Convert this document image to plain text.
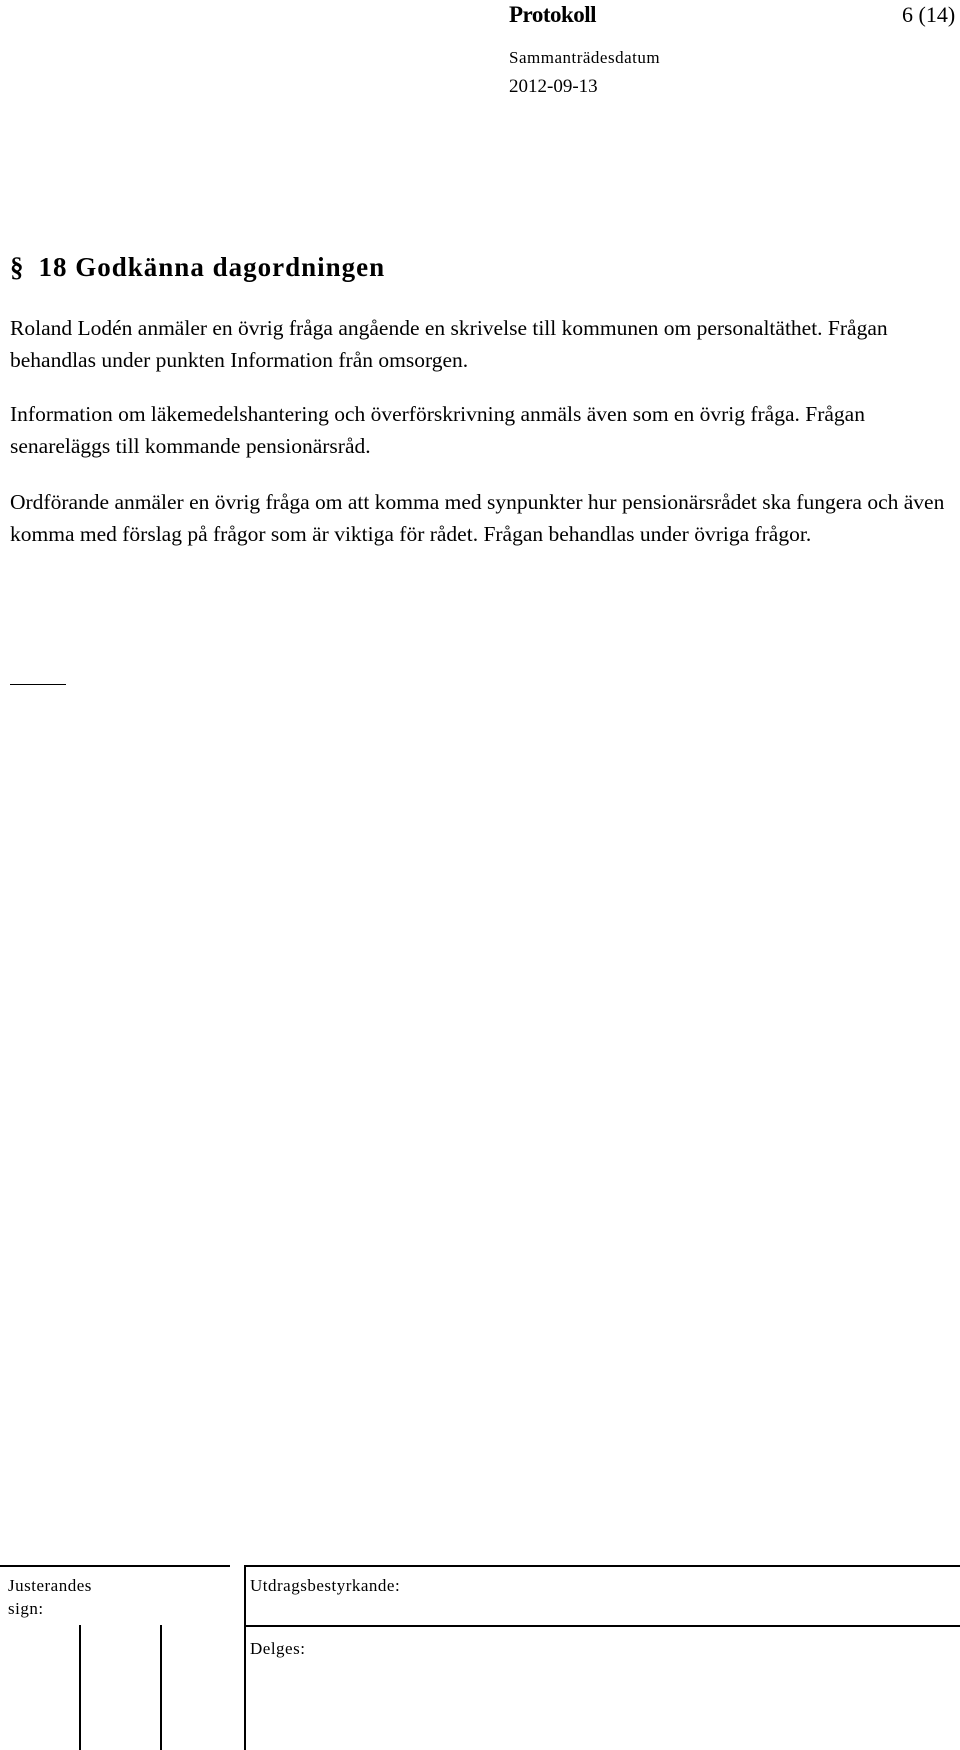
Protokoll	6 (14)
Sammanträdesdatum
2012-09-13
§ 18 Godkänna dagordningen

Roland Lodén anmäler en övrig fråga angående en skrivelse till kommunen om personaltäthet. Frågan behandlas under punkten Information från omsorgen.

Information om läkemedelshantering och överförskrivning anmäls även som en övrig fråga. Frågan senareläggs till kommande pensionärsråd.

Ordförande anmäler en övrig fråga om att komma med synpunkter hur pensionärsrådet ska fungera och även komma med förslag på frågor som är viktiga för rådet. Frågan behandlas under övriga frågor.

Justerandes
sign:
Utdragsbestyrkande:
Delges:
